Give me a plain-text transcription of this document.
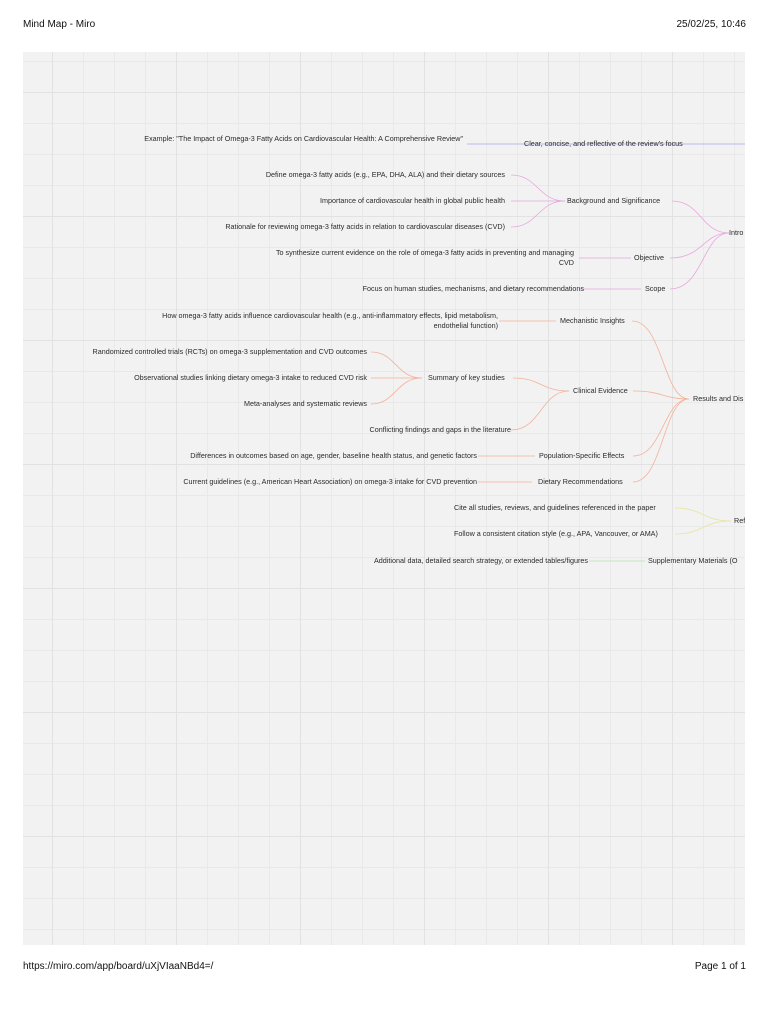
Mind Map - Miro	25/02/25, 10:46
Example: "The Impact of Omega-3 Fatty Acids on Cardiovascular Health: A Comprehensive Review"
Clear, concise, and reflective of the review's focus
Define omega-3 fatty acids (e.g., EPA, DHA, ALA) and their dietary sources
Importance of cardiovascular health in global public health
Rationale for reviewing omega-3 fatty acids in relation to cardiovascular diseases (CVD)
Background and Significance
To synthesize current evidence on the role of omega-3 fatty acids in preventing and managing CVD
Objective
Focus on human studies, mechanisms, and dietary recommendations	Scope
Intro
How omega-3 fatty acids influence cardiovascular health (e.g., anti-inflammatory effects, lipid metabolism, endothelial function)
Mechanistic Insights
Randomized controlled trials (RCTs) on omega-3 supplementation and CVD outcomes
Observational studies linking dietary omega-3 intake to reduced CVD risk
Meta-analyses and systematic reviews
Summary of key studies
Conflicting findings and gaps in the literature
Clinical Evidence
Differences in outcomes based on age, gender, baseline health status, and genetic factors	Population-Specific Effects
Current guidelines (e.g., American Heart Association) on omega-3 intake for CVD prevention	Dietary Recommendations
Results and Dis
Cite all studies, reviews, and guidelines referenced in the paper
Follow a consistent citation style (e.g., APA, Vancouver, or AMA)
Ref
Additional data, detailed search strategy, or extended tables/figures	Supplementary Materials (O
https://miro.com/app/board/uXjVIaaNBd4=/	Page 1 of 1
